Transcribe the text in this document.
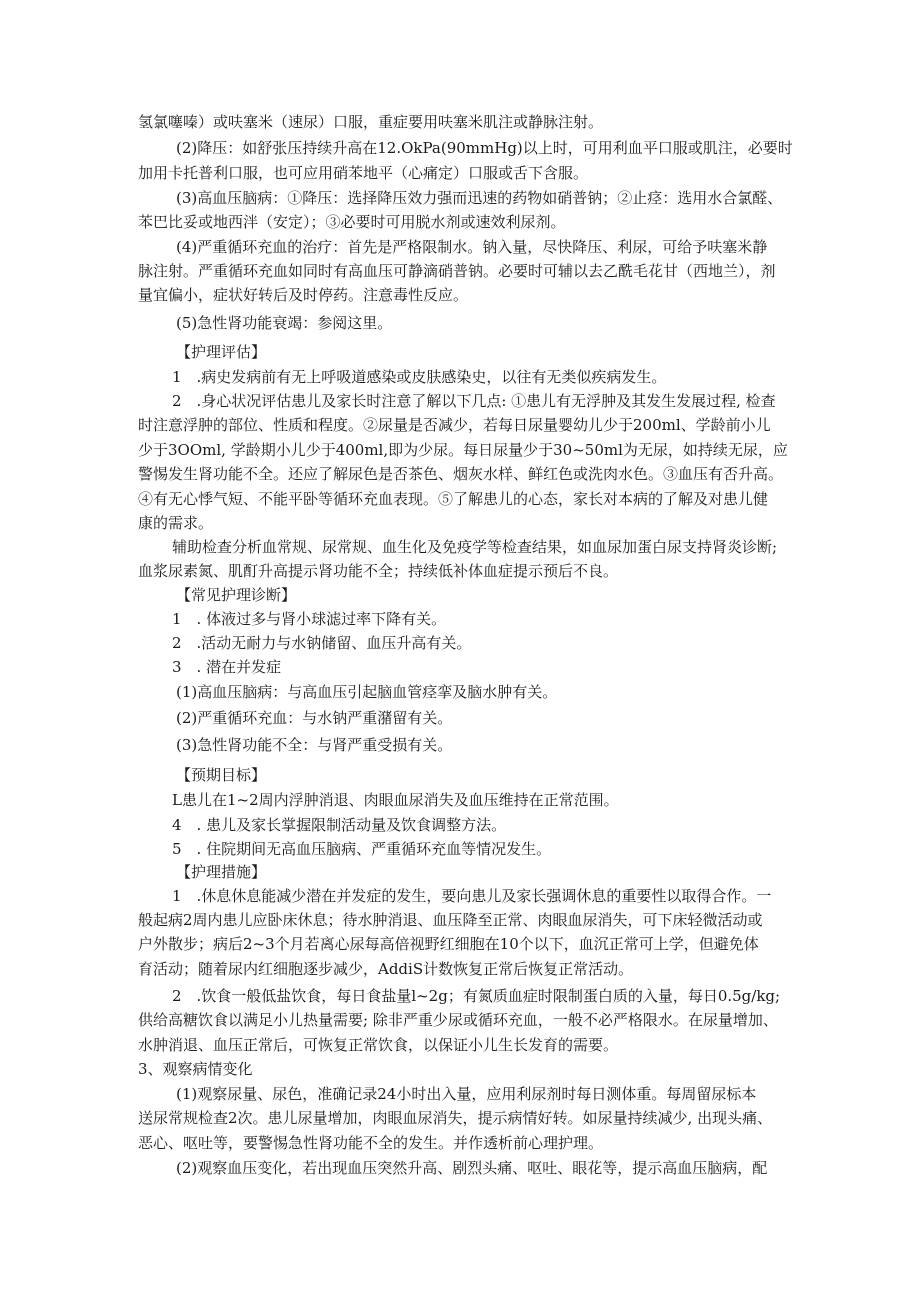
氢氯噻嗪）或呋塞米（速尿）口服，重症要用呋塞米肌注或静脉注射。
(2)降压：如舒张压持续升高在12.OkPa(90mmHg)以上时，可用利血平口服或肌注，必要时
加用卡托普利口服，也可应用硝苯地平（心痛定）口服或舌下含服。
(3)高血压脑病：①降压：选择降压效力强而迅速的药物如硝普钠；②止痉：选用水合氯醛、
苯巴比妥或地西泮（安定）；③必要时可用脱水剂或速效利尿剂。
(4)严重循环充血的治疗：首先是严格限制水。钠入量，尽快降压、利尿，可给予呋塞米静
脉注射。严重循环充血如同时有高血压可静滴硝普钠。必要时可辅以去乙酰毛花甘（西地兰），剂
量宜偏小，症状好转后及时停药。注意毒性反应。
(5)急性肾功能衰竭：参阅这里。
【护理评估】
1　.病史发病前有无上呼吸道感染或皮肤感染史，以往有无类似疾病发生。
2　.身心状况评估患儿及家长时注意了解以下几点: ①患儿有无浮肿及其发生发展过程, 检查
时注意浮肿的部位、性质和程度。②尿量是否减少，若每日尿量婴幼儿少于200ml、学龄前小儿
少于3OOml, 学龄期小儿少于400ml,即为少尿。每日尿量少于30~50ml为无尿，如持续无尿，应
警惕发生肾功能不全。还应了解尿色是否茶色、烟灰水样、鲜红色或洗肉水色。③血压有否升高。
④有无心悸气短、不能平卧等循环充血表现。⑤了解患儿的心态，家长对本病的了解及对患儿健
康的需求。
辅助检查分析血常规、尿常规、血生化及免疫学等检查结果，如血尿加蛋白尿支持肾炎诊断;
血浆尿素氮、肌酊升高提示肾功能不全；持续低补体血症提示预后不良。
【常见护理诊断】
1　. 体液过多与肾小球滤过率下降有关。
2　.活动无耐力与水钠储留、血压升高有关。
3　. 潜在并发症
(1)高血压脑病：与高血压引起脑血管痉挛及脑水肿有关。
(2)严重循环充血：与水钠严重潴留有关。
(3)急性肾功能不全：与肾严重受损有关。
【预期目标】
L患儿在1~2周内浮肿消退、肉眼血尿消失及血压维持在正常范围。
4　. 患儿及家长掌握限制活动量及饮食调整方法。
5　. 住院期间无高血压脑病、严重循环充血等情况发生。
【护理措施】
1　.休息休息能减少潜在并发症的发生，要向患儿及家长强调休息的重要性以取得合作。一
般起病2周内患儿应卧床休息；待水肿消退、血压降至正常、肉眼血尿消失，可下床轻微活动或
户外散步；病后2~3个月若离心尿每高倍视野红细胞在10个以下，血沉正常可上学，但避免体
育活动；随着尿内红细胞逐步减少，AddiS计数恢复正常后恢复正常活动。
2　.饮食一般低盐饮食，每日食盐量l~2g；有氮质血症时限制蛋白质的入量，每日0.5g/kg;
供给高糖饮食以满足小儿热量需要; 除非严重少尿或循环充血，一般不必严格限水。在尿量增加、
水肿消退、血压正常后，可恢复正常饮食，以保证小儿生长发育的需要。
3、观察病情变化
(1)观察尿量、尿色，准确记录24小时出入量，应用利尿剂时每日测体重。每周留尿标本
送尿常规检查2次。患儿尿量增加，肉眼血尿消失，提示病情好转。如尿量持续减少, 出现头痛、
恶心、呕吐等，要警惕急性肾功能不全的发生。并作透析前心理护理。
(2)观察血压变化，若出现血压突然升高、剧烈头痛、呕吐、眼花等，提示高血压脑病，配
